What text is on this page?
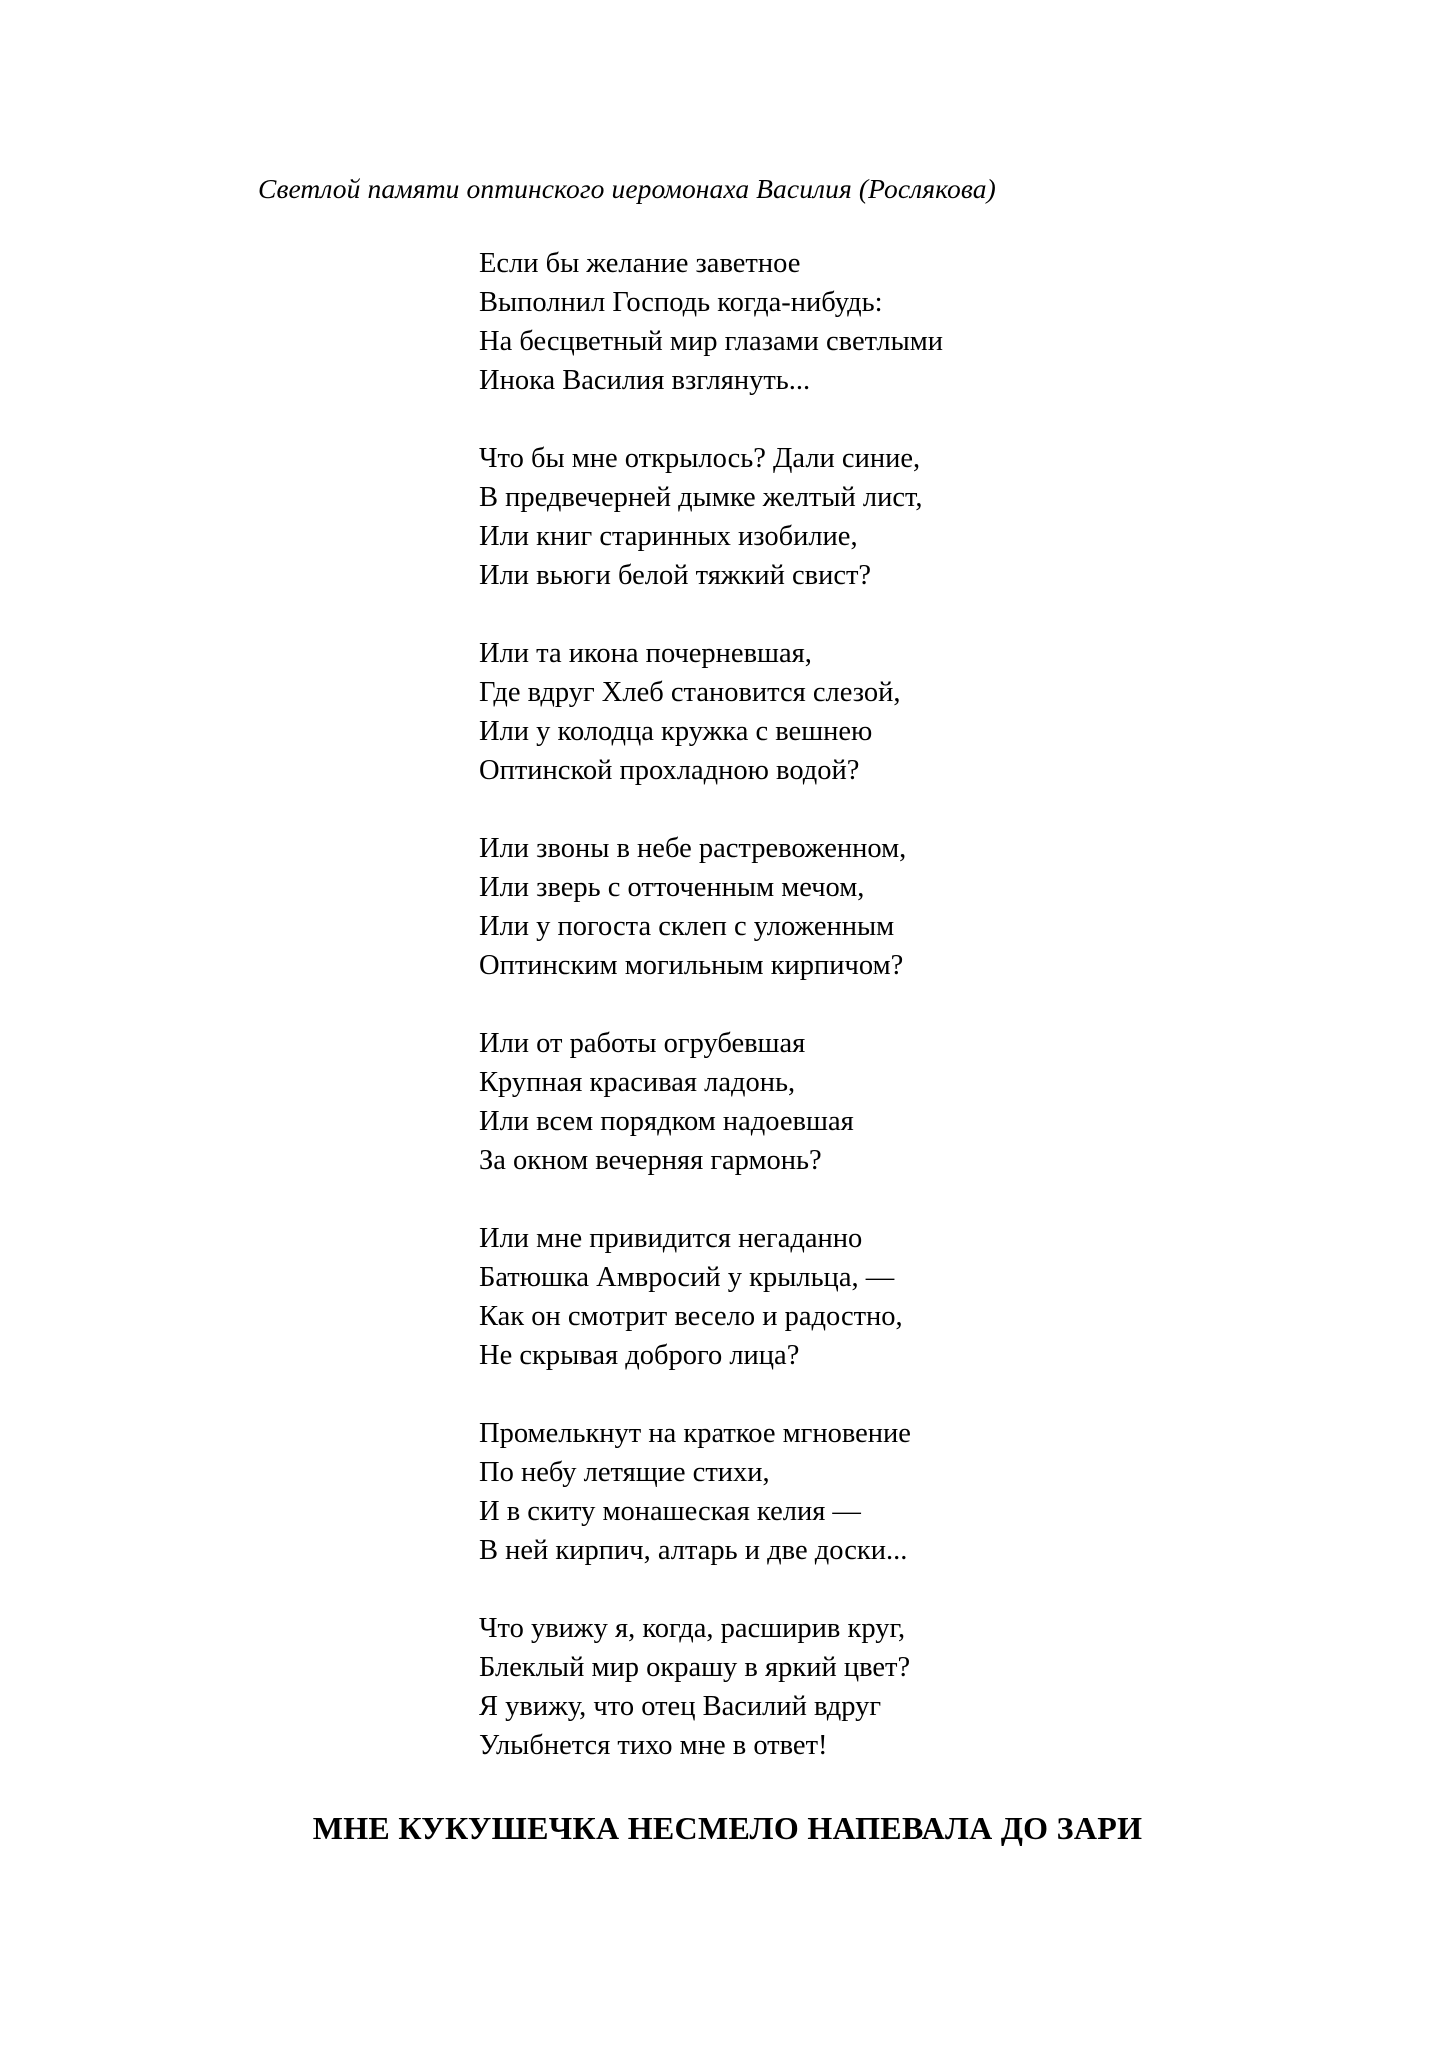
Светлой памяти оптинского иеромонаха Василия (Рослякова)
Если бы желание заветное
Выполнил Господь когда-нибудь:
На бесцветный мир глазами светлыми
Инока Василия взглянуть...
Что бы мне открылось? Дали синие,
В предвечерней дымке желтый лист,
Или книг старинных изобилие,
Или вьюги белой тяжкий свист?
Или та икона почерневшая,
Где вдруг Хлеб становится слезой,
Или у колодца кружка с вешнею
Оптинской прохладною водой?
Или звоны в небе растревоженном,
Или зверь с отточенным мечом,
Или у погоста склеп с уложенным
Оптинским могильным кирпичом?
Или от работы огрубевшая
Крупная красивая ладонь,
Или всем порядком надоевшая
За окном вечерняя гармонь?
Или мне привидится негаданно
Батюшка Амвросий у крыльца, —
Как он смотрит весело и радостно,
Не скрывая доброго лица?
Промелькнут на краткое мгновение
По небу летящие стихи,
И в скиту монашеская келия —
В ней кирпич, алтарь и две доски...
Что увижу я, когда, расширив круг,
Блеклый мир окрашу в яркий цвет?
Я увижу, что отец Василий вдруг
Улыбнется тихо мне в ответ!
МНЕ КУКУШЕЧКА НЕСМЕЛО НАПЕВАЛА ДО ЗАРИ
